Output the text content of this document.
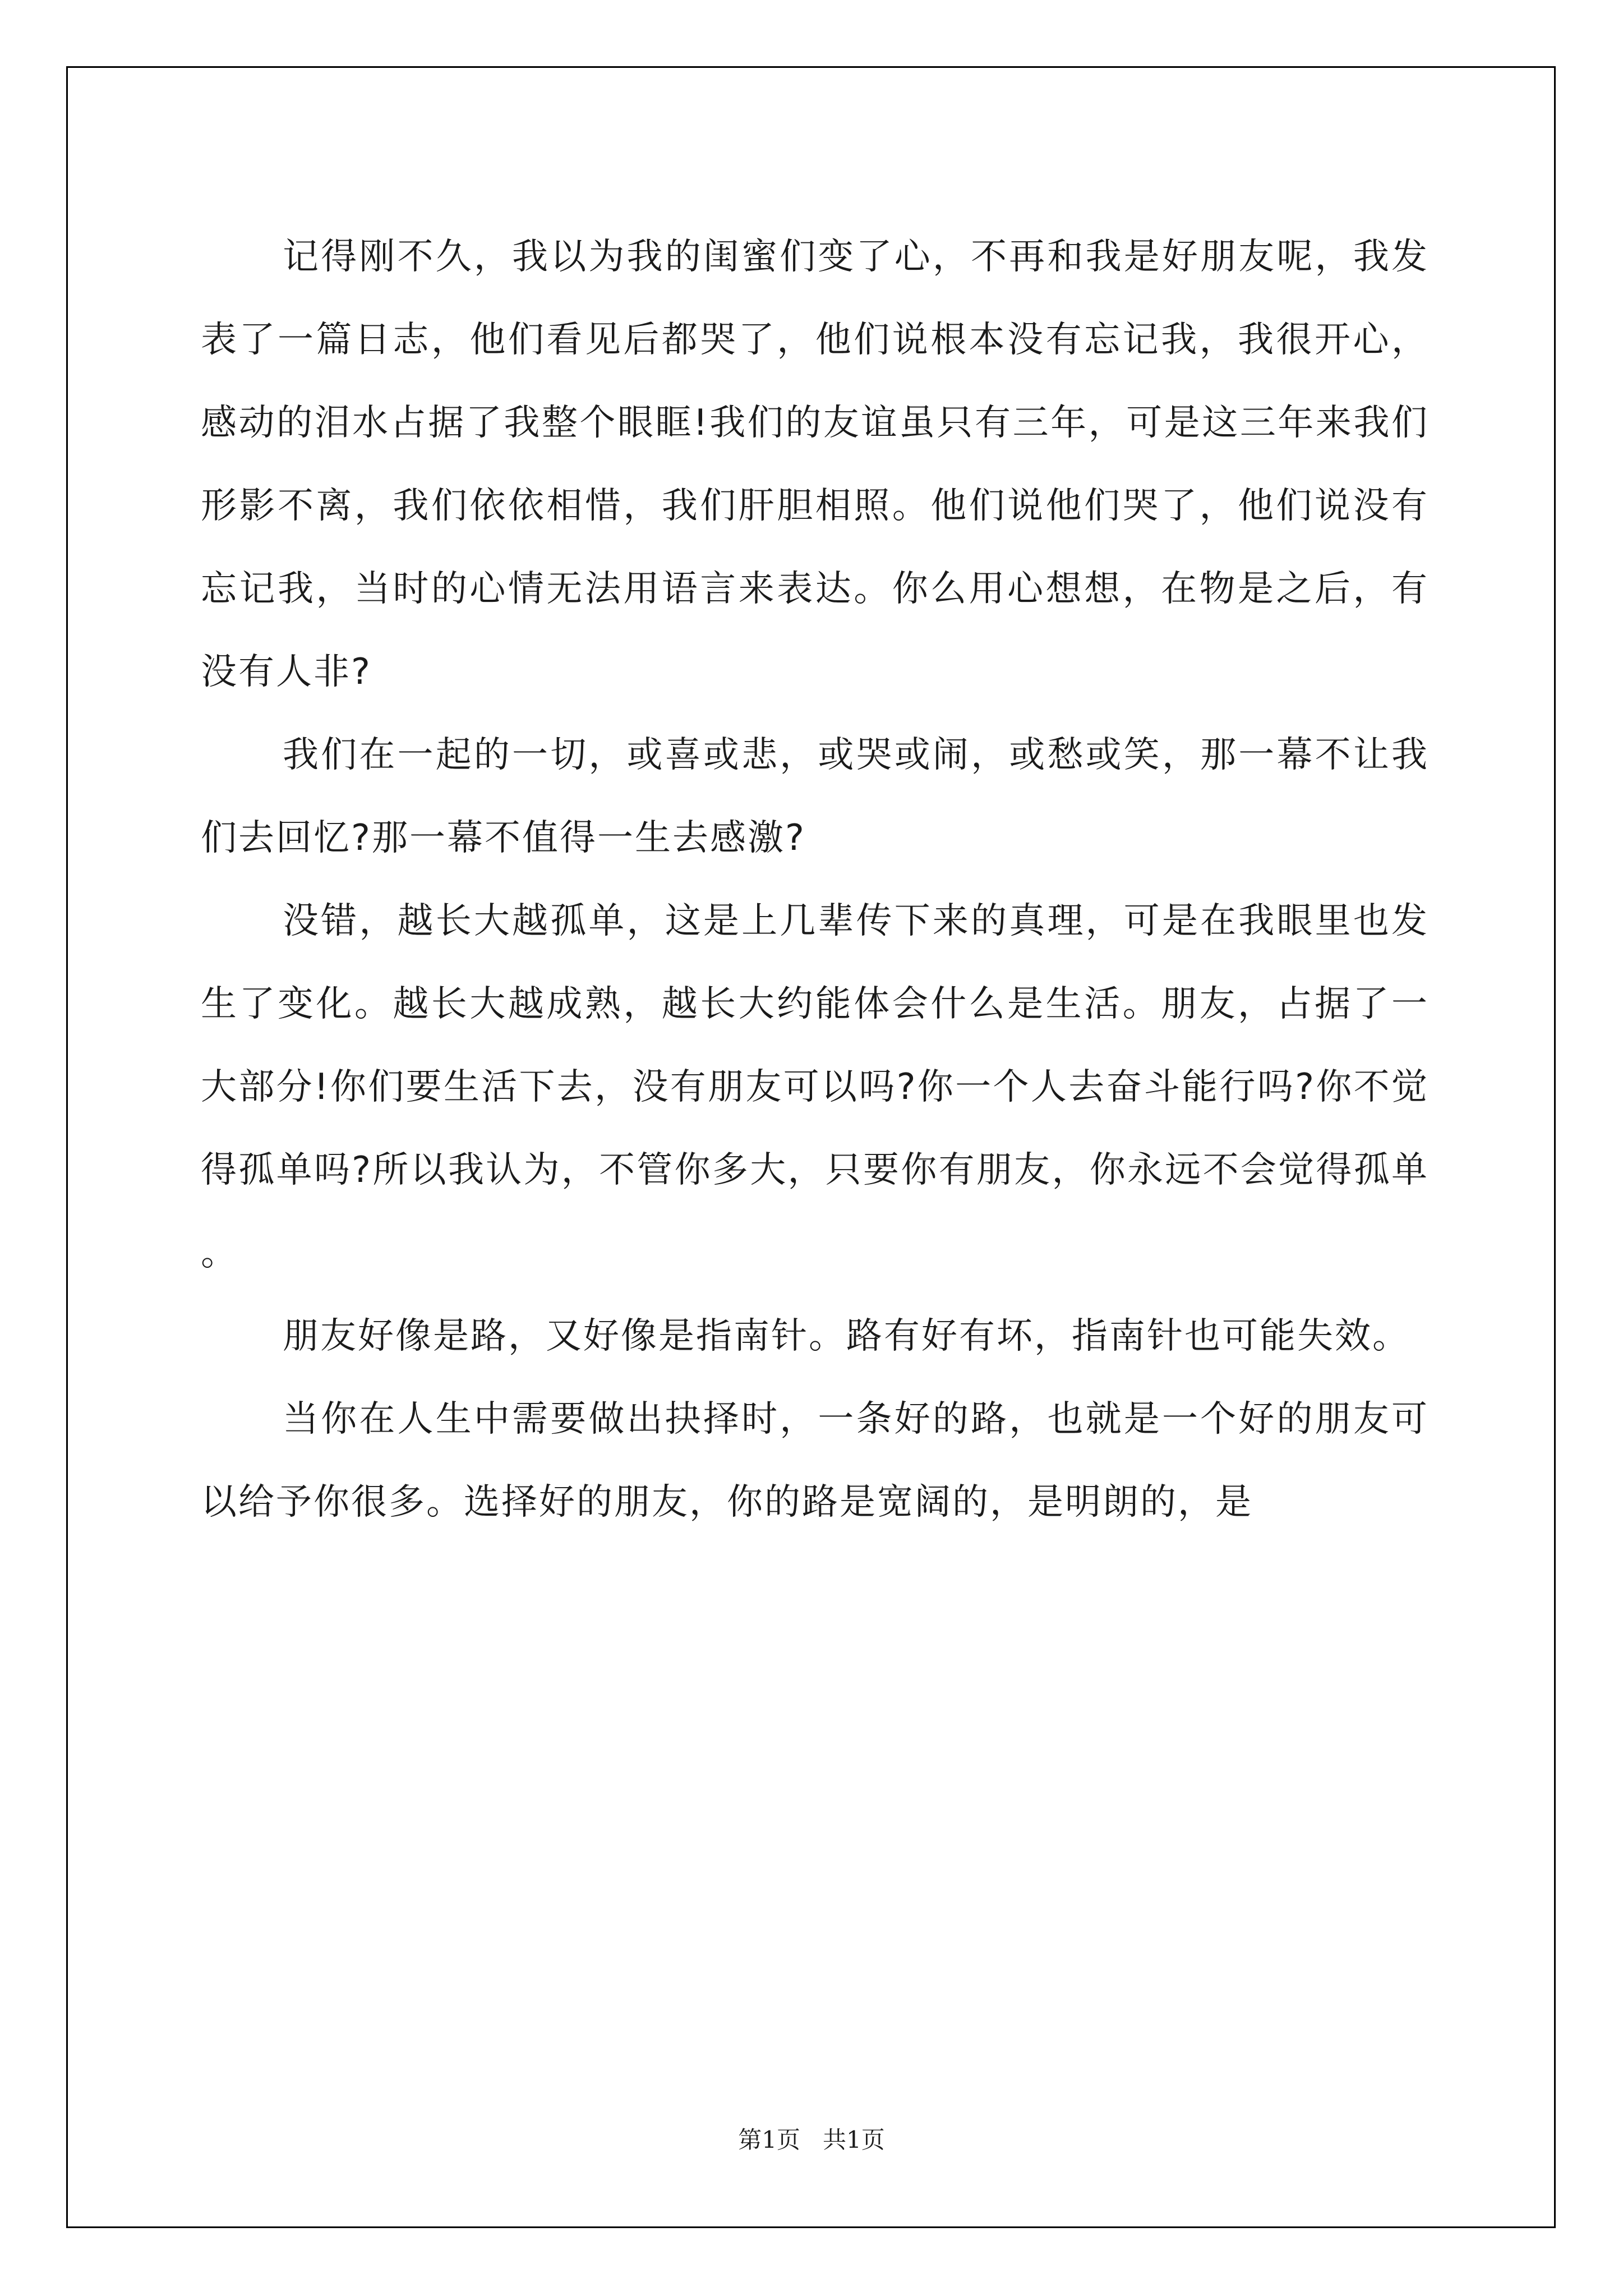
记得刚不久，我以为我的闺蜜们变了心，不再和我是好朋友呢，我发表了一篇日志，他们看见后都哭了，他们说根本没有忘记我，我很开心，感动的泪水占据了我整个眼眶!我们的友谊虽只有三年，可是这三年来我们形影不离，我们依依相惜，我们肝胆相照。他们说他们哭了，他们说没有忘记我，当时的心情无法用语言来表达。你么用心想想，在物是之后，有没有人非?

我们在一起的一切，或喜或悲，或哭或闹，或愁或笑，那一幕不让我们去回忆?那一幕不值得一生去感激?

没错，越长大越孤单，这是上几辈传下来的真理，可是在我眼里也发生了变化。越长大越成熟，越长大约能体会什么是生活。朋友，占据了一大部分!你们要生活下去，没有朋友可以吗?你一个人去奋斗能行吗?你不觉得孤单吗?所以我认为，不管你多大，只要你有朋友，你永远不会觉得孤单。

朋友好像是路，又好像是指南针。路有好有坏，指南针也可能失效。

当你在人生中需要做出抉择时，一条好的路，也就是一个好的朋友可以给予你很多。选择好的朋友，你的路是宽阔的，是明朗的，是

第1页   共1页
